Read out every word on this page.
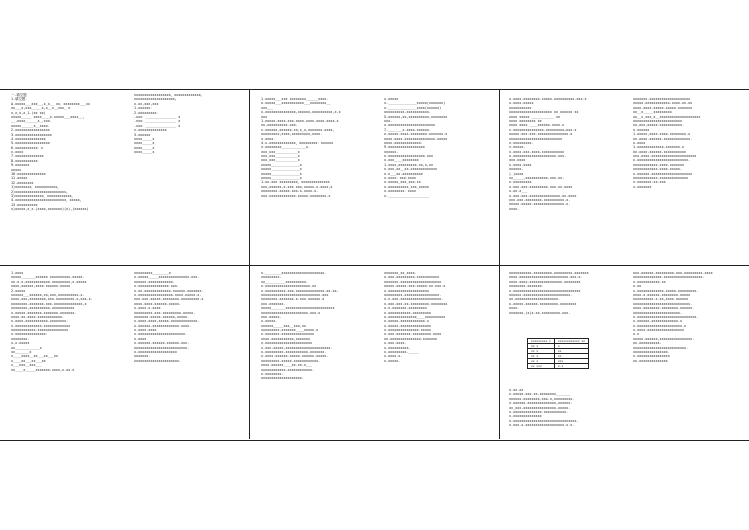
一.填空题
1.填空题：
A.xxxxx___xxx__,x_x__ xx，xxxxxxxx___xx
xx___x,xxx_____x,x__x__xxx_ x
x,x_x,x_1.(xx xx)
xxxxx_____ xxxx____x.xxxxx___xxxx__,
__,xxxx______x_,xxx.
xxxxx______x__xxxx.
2.xxxxxxxxxxxxxxxxx
3.xxxxxxxxxxxxxxxxxx
4.xxxxxxxxxxxxxxx
5.xxxxxxxxxxxxxxxxx
6.xxxxxxxxxxx：x
x.xxxx
7.xxxxxxxxxxxxxx
8.xxxxxxxxxxx：
9.xxxxxxx
xxxxx
10.xxxxxxxxxxxxxx
11.xxxxx
12.xxxxxxxx
1)xxxxxxxx，xxxxxxxxxxx。
2)xxxxxxxxxxxxxxxxxxxxxxxxx。
3)xxxxxxxxxxxxxx，xxxxxxxxxxxx。
4.xxxxxxxxxxxxxxxxxxxxxxxxx，xxxxx。
13.xxxxxxxxxx
x)xxxxx,x_x.(xxxx,xxxxxxx)(x),(xxxxxx)
xxxxxxxxxxxxxxxxxx，xxxxxxxxxxxxx。
xxxxxxxxxxxxxxxxxxxx。
x.xx,xxx,xxx
1.xxxxxx：
2.xxxxxxxxx：
-xxx：_______________ x
-xxx：_______________ x
-xxx：_______________ x
x.xxxxxxxxxxxxxx
3.xxxxxx
xxxx_____x
xxxx_____x
xxxx_____x
xxxx_____x
1.xxxxx___xxx xxxxxxxx______xxxx.
x.xxxxx___xxxxxxxxxxx___xxxxxxxx__
xxx___
x.xxxxxxxxxxxxxxx,xxxxxx,xxxxxxxxxx,x.x
xxx
1.xxxxx.xxxx.xxx.xxxx.xxxx.xxxx.xxxx.x
xx,xxxxxxxxxx.xxx.
x.xxxxxx,xxxxxx.xx,x_x,xxxxxxx.xxxx,
xxxxxxxxx,xxxx,xxxxxxxxx,xxxx.
x.xxxx：
4.x.xxxxxxxxxxxxx，xxxxxxxxx：xxxxxx
x.xxxxxxxx____________x.
xxx_xxx___________x
xxx_xxx___________x
xxx_xxx___________x
xxxxx______________x
xxxxx______________x
xxxxx______________x
xxxxx______________x
1.xx.xxx xxxxxxxxx，xxxxxxxxxxxxxx
xxx,xxxxxx,x.xxx xxx,xxxxx.x.xxxx,x
xxxxxxxx.xxxxx.xxx.x.xxxx.x.
xxx.xxxxxxxxxxxxx.xxxxx.xxxxxxxx.x
x.xxxxx
x.______________xxxxx(xxxxxxx)
x.______________xxxx(xxxxxx)
xxxxxxxxxx-xxxxxxxxxxx.
5.xxxxxx,xx,xxxxxxxxxx,xxxxxxxx
xxx.
x.xxxxxxxxxxxxxxxxxxxxxxx
7._______x.xxxx.xxxxxx.
x.xxxxx.xxxx.xxxxxxxx.xxxxxxx.x
xxxx.xxxx.xxxxxxxxxxxxxxx.xxxxx
xxxx.xxxxxxxxxxxxx.
9.xxxxxxxxxxxxxxxxxx
xxxxxx.
x.xxxxxxxxxxxxxxxxxx.xxx
x.xxx____xxxxxxxx
1.xxxx,xxxxxxxxx.xx,x,xx
x.xxx,xx__xx.xxxxxxxxxxxxx
x.x___xx.xxxxxxxxxx
x.xxxx：xxx.xxxx
x.xxxxx_xxx_xxx.xx
x.xxxxxxxxxx_xxx_xxxxx
x.xxxxxxxx：xxxx
x.____________________
x.xxxx.xxxxxxxx.xxxxx.xxxxxxxxxx.xxx.x
x.xxxx.xxxxx
xxxxxxxxxxx
xxxxxxxxxxxxxxxxxxxxx xx xxxxxx xx
xxxx xxxxx ___________ xx
xxxx xxxxxxxx xx
xxxx xxxx ____xxxxxx.xxxx.x
x.xxxxxxxxxxxxxxx.xxxxxxxxx—xxx.x
xxxxx.xxx.xxx.xxxxxxxxxxxxxxx.x
xxxxxxxxxxxxxxxxxxxxxxxxxx
x.xxxxxxxxx.
x.xxxxx.
x.xxxx.xxx.xxxx.xxxxxxxxxxx
x.xxxxxxxxxxxxxxxxxxxxx.xxx.
xxx.xxxx
x.xxxx.xxxx
xxxxxx.
(-)xxxx
xx_____,xxxxxxxxxxx.xxx.xx.
x.xxxxxxxxx
x.xxx.xxx.xxxxxxxxx.xxx.xx.xxxx
x.xx.x___
x.xxx.xxx.xxxxxxxxxxxxxxx.xx.xxxx
xxx.xxx.xxxxxxxx.xxxxxxxxxx.x.
xxxxx.xxxxx.xxxxxxxxxxxxxxx.x.
xxxx.
xxxxxxx.xxxxxxxxxxxxxxxxxxxx
xxxxx.xxxxxxxxxxxx.xxxx.xx.xx
xxxx.xxxx.xxxxx.xxxxx.xxxxxxx
xx__x_____xxxxxxxxx
xx__x_xxx_x__xxxxxxxxxxxxxxxxxxxx
xxxxxxxxxxxxxxxxxxxxxxxx
xx,xxx,xxxxx.xxxxxxxxxxx.
x.xxxxxx
1.xxxxx,xxxx.xxxx.xxxxxxxx.x
xx.xxxx.xxxxxx.xxxxxxxxxxxxx.
x.xxxx
1.xxxxxxxxxxxxx.xxxxxxx.x
xx.xxxx.xxxxxx.xxxxxxxxxxx
xxx.xxxx.xxxxxxxxxxxxxxxxxxxxxx
x.xxxxxxxxxxxxxxxxxxxxxxxxx.
xxxxxxxxxxxx.xxxx.xxxxxxx
xxxxxxxxxxxx.xxxx.xxxxx.
x.xxxxxx.xxxxxxxxxxxxxxxxxxxx
xxxxxxxxxxxx.xxxxxxxxxxxxxx
x.xxxxxxx.xx.xxx
x.xxxxxxx
1.xxxx
xxxxx_______xxxxxx xxxxxxxxxx.xxxxx.
xx.x.x.xxxxxxxxxxxx.xxxxxxxxx,x.xxxxx
xxxx,xxxxxx,xxxx.xxxxxx.xxxxx
2.xxxxx
xxxxxx___xxxxxx,xx,xxx,xxxxxxxxxx.x.
xxxx,xxx,xxxxxxxx,xxx.xxxxxxxxx.x,xxx.x.
xxxxxxxx.xxxxxxx.xxx.xxxxxxxxxxxxxx,x
xxxxxxxx,xxxxxxxxxx.xxxxxxxxxxx
x.xxxxx.xxxxxxx.xxxxxxx.xxxxxxx.
xxxx.xx.xxxx.xxxxxxxxxxxx.
x.xxxx.xxxxxxxxxxx.xxxxxxxx.
x.xxxxxxxxxxxxx.xxxxxxxxxxxxx
xxxxxxxxxxxx.xxxxxxxxxxxxxxx
x.xxxxxxxxxxxxxxx.
xxxxxxxx.
x.x.xxxxx
xx____________x
xx_______x
x____xxxx__xx___xx___xx
x____xx___xx___xx
x___xxx__xxx___
xx____x_____xxxxxxx.xxxx,x.xx.x
xxxxxxxxx________x
x.xxxxx_____xxxxxxxxxxxxxxx.xxx.
xxxxxx.xxxxxxxxxxxx.
x.xxxxxxxxxxxxxxx.xxx.
x.xx.xxxxxxxxxxxxx.xxxxxx.xxxxxxx.
x.xxxxxxxxxxxxxxxxx.xxxx.xxxxx.x.
xxx.xxx.xxxxx.xxxxxxxx.xxxxxxxxx.x
xxxx.xxxx.xxxxxx.xxxxx.
x.xxxx.x.xxxx
xxxxxxxxx.xxx.xxxxxxxxx.xxxxx.
xxxxxxx.xxxxx.xxxxxx,xxxxx.
x.xxxx.xxxx,xxxxx.xxxxxxxxxxxxx.
x.xxxxxx.xxxxxxxxxxxxx.xxxx.
x.xxxx.xxxx
x.xxxxxxxxxxxxxxxxxxxxxxx.
x.xxxx
x.xxxxxx.xxxxxx.xxxxxx.xxx.
xxxxxxxxxxxxxxxxxxxxxxxxxx.
x.xxxxxxxxxxxxxxxxxxx
xxxxxxx.
xxxxxxxxxxxxxxxxxxxxxx.
x.________xxxxxxxxxxxxxxxxxxxxx.
xxxxxxxxx.
xx__________xxxxxxxxxx.
x.xxxxxxxxxxxxxxxxxxxxxx.xx
x.xxxxxxxxxx.xxx.xxxxxxxxxxxxxx.xx.xx.
xxxxxxxxxxxxxxxxxxxxxxxxxxxxx.xxx
xxxxxxxx.xxxxxxx.x.xxx.xxxxxx.x
xxx.xxxxxxx.
xxxxx_______xxxxxxxxxxxxxxxxxxxxxxxx
xxxxxxxxxxxxxxxxxxxxxxx.xxx.x
xxx.xxxxx.
x.xxxxx.
xxxxxx_____xxx__xxx,xx
xxxxxxxxx.xxxxxxx____xxxxx.x
x.xxxxxxx.xxxxxxxxxxxxxxxx
xxxx.xxxxxxxxxxx,xxxxxxx
x.xxxxxxxxxxxxxxxxxxxxxxx
x.xxx.xxxxx,xxxxxxxxxxxxxxxxxxxxxx.
x.xxxxxxxxx.xxxxxxxxxxx.xxxxxxx.
x.xxxx.xxxxxx.xxxxx.xxxxxx.xxxxx.
xxxxxxxxx.xxxxx.xxxxxxxxxxxx.
xxxx.xxxxxx____xx.xx.x___
xxxxxxxxxxxx.xxxxxxxxxxxx.
x.xxxxxxxx.
xxxxxxxxxxxxxxxxxxxx.
xxxxxxx_xx_xxxx.
x.xxx.xxxxxxxxx.xxxxxxxxxxx
xxxxxxx.xxxxxxxxxxxxxxxxxxxx
xxxxx.xxxxx.xxx.xxxxx.xx.xxx.x
x.xxxxxxxxxxxxxxxxxxxx
xxxxxxxxx.xxxxxxxxxxxxxxxxx.
x.x.xxx.xxxxxxxxxxxxxxxxxxxx.
x.xxx.xxx.xx.xxxxxxxxx.xxxxxxxx
x.x.xxxxxxx.xxxxxxxxx
x.xxxxxxxxxxx.xxxxxxxxx
x.xxxxxxxxxxxxxx____xxxxxxxxxx
x.xxxxx.xxxxxxxxxxxx.x
x.xxxxx.xxxxxxxxxxxxxxx
x.xxxxxxxxxxxxxxx.xxxxx
x.xxx.xxxxxxx.xxxxxxxxx.xxxx
xx.xxxxxxxxxxxxxxx.xxxxxxx
x.xxx.xxxx.
x.xxxxxxxxxx.
x.xxxxxxxxx._____
x.xxxx.x.
x.xxxxx.
xxxxxxxxxxx.xxxxxxxxx.xxxxxxxxx.xxxxxxx
xxxx.xxxxxxxxxxxxxxxxxxxxxxxx.xxx.x.
xxxx.xxxx.xxxxxxxxxxxxxxxx.xxxxxxxx
xxxxxxxx.xxxxxxx.
x.xxxxxxxxxxxxxxxxxxxxxxxxxxxxxxxxx
xxxxxx.xxxxxxxxxxxxxxxxxxxxxxx.
xx.xxxxxxxxxxxxxxxxxxxxx.
x.xxxxx.xxxxxx.xxxxxxxxx.xxxxxxxx
xxxx.
xxxxxxx.(x)x.xx.xxxxxxxxx.xxx.
x.xx.xx
x.xxxxx.xxx.xx.xxxxxxxx_______
xxxxxx.xxxxxxxx,xxx.x,xxxxxxxxx.
x.xxxxxx.xxxxxxxxxxxxxx,xxxxxx.
xx_xxx.xxxxxxxxxxxxxxxx.xxxxx.
x.xxxxxxxxxxxxxx.xxxxxxxxxxx.
x.xxxxxxxxxxxxxx
x.xxxxxxxxxxxxxxxxxxxxxxxxxxxxxxx.
x.xxx.x.xxxxxxxxxxxxxxxxxxx.x.x.
xxx.xxxxxx.xxxxxxxxx.xxx.xxxxxxxxx.xxxx
xxxxxxxxxxxxxx.xxxxxxxxxxxxxxxxxxx.
x.xxxxxxxxxxx.xx
x.xx
x.xxxxxxxxxxxxx.xxxxx.xxxxxxxxx.
xxxx.x.xxxxxx.xxxxxxxx.xxxxx
xxxxxxxxxx.x.xx,xxxx.xxxxxx
xxxxxxxxxxxxxxxxxxxxxxxxxxxx.
xxxx.xxxxxxxx.xxxxxxxx.xxxxxx.
xxxxxxxxxxxxxxxxxxxxxxx.
x.xxxxxxxxxxxxxxxxxxxxxxxxxxxxx.
x.xxxxxx.xxxxxxxxxxxxx.x
x.xxxxxxxxxxxxxxxxxxxxxx.x
x.xxxx.xxxxxxxxxxxxxxxxxx
x.x
xxxxx.xxxxxx,xxxxxxxxxxxxxxxx.
xx.xxxxxxxxxx.
xxxxxxxxxxxxxxxxxxxxxxxxxx.
xxxxxxxxxxxxxxxxx.
x.xxxxxxxxxxxxxxxx
xx.xxxxxxxxxxxxxx
xxxxxxxxx x	xxxxxxxxxxxx xx
xx x	x
xx x	xx
xx x	xx
xx x	xxx
xx xxx	x.x
